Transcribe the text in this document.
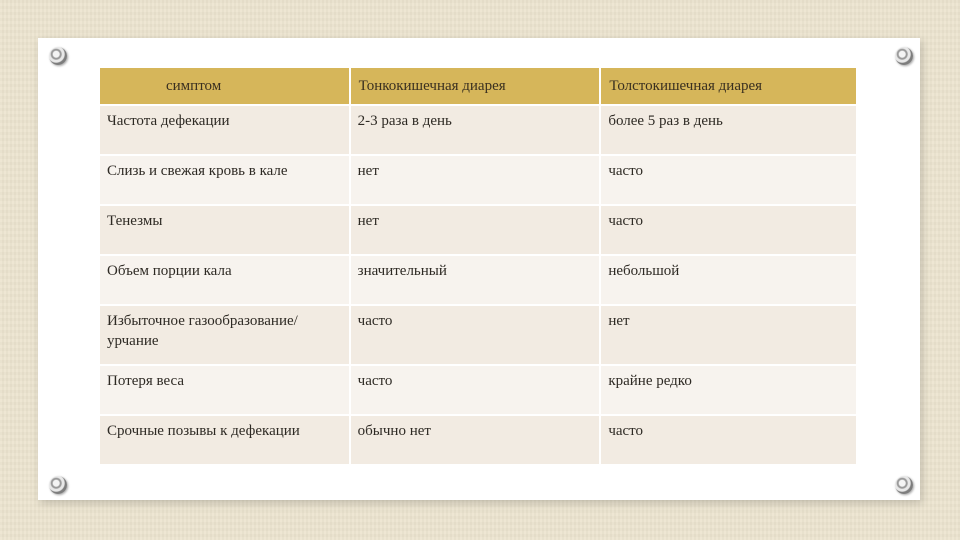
симптом	Тонкокишечная диарея	Толстокишечная диарея
Частота дефекации	2-3 раза в день	более 5 раз в день
Слизь и свежая кровь в кале	нет	часто
Тенезмы	нет	часто
Объем порции кала	значительный	небольшой
Избыточное газообразование/урчание	часто	нет
Потеря веса	часто	крайне редко
Срочные позывы к дефекации	обычно нет	часто
